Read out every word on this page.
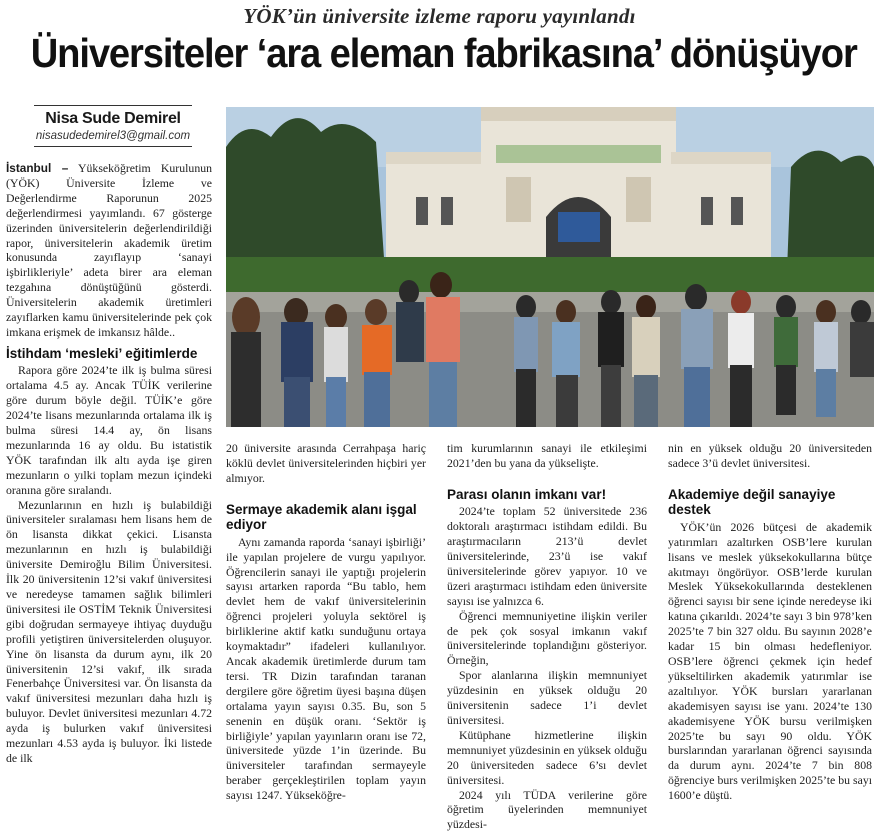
YÖK’ün üniversite izleme raporu yayınlandı
Üniversiteler ‘ara eleman fabrikasına’ dönüşüyor
Nisa Sude Demirel
nisasudedemirel3@gmail.com

İstanbul – Yükseköğretim Kurulunun (YÖK) Üniversite İzleme ve Değerlendirme Raporunun 2025 değerlendirmesi yayımlandı. 67 gösterge üzerinden üniversitelerin değerlendirildiği rapor, üniversitelerin akademik üretim konusunda zayıflayıp ‘sanayi işbirlikleriyle’ adeta birer ara eleman tezgahına dönüştüğünü gösterdi. Üniversitelerin akademik üretimleri zayıflarken kamu üniversitelerinde pek çok imkana erişmek de imkansız hâlde..

İstihdam ‘mesleki’ eğitimlerde

Rapora göre 2024’te ilk iş bulma süresi ortalama 4.5 ay. Ancak TÜİK verilerine göre durum böyle değil. TÜİK’e göre 2024’te lisans mezunlarında ortalama ilk iş bulma süresi 14.4 ay, ön lisans mezunlarında 16 ay oldu. Bu istatistik YÖK tarafından ilk altı ayda işe giren mezunların o yılki toplam mezun içindeki oranına göre sıralandı.

Mezunlarının en hızlı iş bulabildiği üniversiteler sıralaması hem lisans hem de ön lisansta dikkat çekici. Lisansta mezunlarının en hızlı iş bulabildiği üniversite Demiroğlu Bilim Üniversitesi. İlk 20 üniversitenin 12’si vakıf üniversitesi ve neredeyse tamamen sağlık bilimleri üniversitesi ile OSTİM Teknik Üniversitesi gibi doğrudan sermayeye ihtiyaç duyduğu profili yetiştiren üniversitelerden oluşuyor. Yine ön lisansta da durum aynı, ilk 20 üniversitenin 12’si vakıf, ilk sırada Fenerbahçe Üniversitesi var. Ön lisansta da vakıf üniversitesi mezunları daha hızlı iş buluyor. Devlet üniversitesi mezunları 4.72 ayda iş bulurken vakıf üniversitesi mezunları 4.53 ayda iş buluyor. İki listede de ilk

20 üniversite arasında Cerrahpaşa hariç köklü devlet üniversitelerinden hiçbiri yer almıyor.

Sermaye akademik alanı işgal ediyor

Aynı zamanda raporda ‘sanayi işbirliği’ ile yapılan projelere de vurgu yapılıyor. Öğrencilerin sanayi ile yaptığı projelerin sayısı artarken raporda “Bu tablo, hem devlet hem de vakıf üniversitelerinin öğrenci projeleri yoluyla sektörel iş birliklerine aktif katkı sunduğunu ortaya koymaktadır” ifadeleri kullanılıyor. Ancak akademik üretimlerde durum tam tersi. TR Dizin tarafından taranan dergilere göre öğretim üyesi başına düşen ortalama yayın sayısı 0.35. Bu, son 5 senenin en düşük oranı. ‘Sektör iş birliğiyle’ yapılan yayınların oranı ise 72, üniversitede yüzde 1’in üzerinde. Bu üniversiteler tarafından sermayeyle beraber gerçekleştirilen toplam yayın sayısı 1247. Yükseköğre-

tim kurumlarının sanayi ile etkileşimi 2021’den bu yana da yükselişte.

Parası olanın imkanı var!

2024’te toplam 52 üniversitede 236 doktoralı araştırmacı istihdam edildi. Bu araştırmacıların 213’ü devlet üniversitelerinde, 23’ü ise vakıf üniversitelerinde görev yapıyor. 10 ve üzeri araştırmacı istihdam eden üniversite sayısı ise yalnızca 6.

Öğrenci memnuniyetine ilişkin veriler de pek çok sosyal imkanın vakıf üniversitelerinde toplandığını gösteriyor. Örneğin,

Spor alanlarına ilişkin memnuniyet yüzdesinin en yüksek olduğu 20 üniversitenin sadece 1’i devlet üniversitesi.

Kütüphane hizmetlerine ilişkin memnuniyet yüzdesinin en yüksek olduğu 20 üniversiteden sadece 6’sı devlet üniversitesi.

2024 yılı TÜDA verilerine göre öğretim üyelerinden memnuniyet yüzdesi-

nin en yüksek olduğu 20 üniversiteden sadece 3’ü devlet üniversitesi.

Akademiye değil sanayiye destek

YÖK’ün 2026 bütçesi de akademik yatırımları azaltırken OSB’lere kurulan lisans ve meslek yüksekokullarına bütçe akıtmayı öngörüyor. OSB’lerde kurulan Meslek Yüksekokullarında desteklenen öğrenci sayısı bir sene içinde neredeyse iki katına çıkarıldı. 2024’te sayı 3 bin 978’ken 2025’te 7 bin 327 oldu. Bu sayının 2028’e kadar 15 bin olması hedefleniyor. OSB’lere öğrenci çekmek için hedef yükseltilirken akademik yatırımlar ise azaltılıyor. YÖK bursları yararlanan akademisyen sayısı ise yanı. 2024’te 130 akademisyene YÖK bursu verilmişken 2025’te bu sayı 90 oldu. YÖK burslarından yararlanan öğrenci sayısında da durum aynı. 2024’te 7 bin 808 öğrenciye burs verilmişken 2025’te bu sayı 1600’e düştü.
